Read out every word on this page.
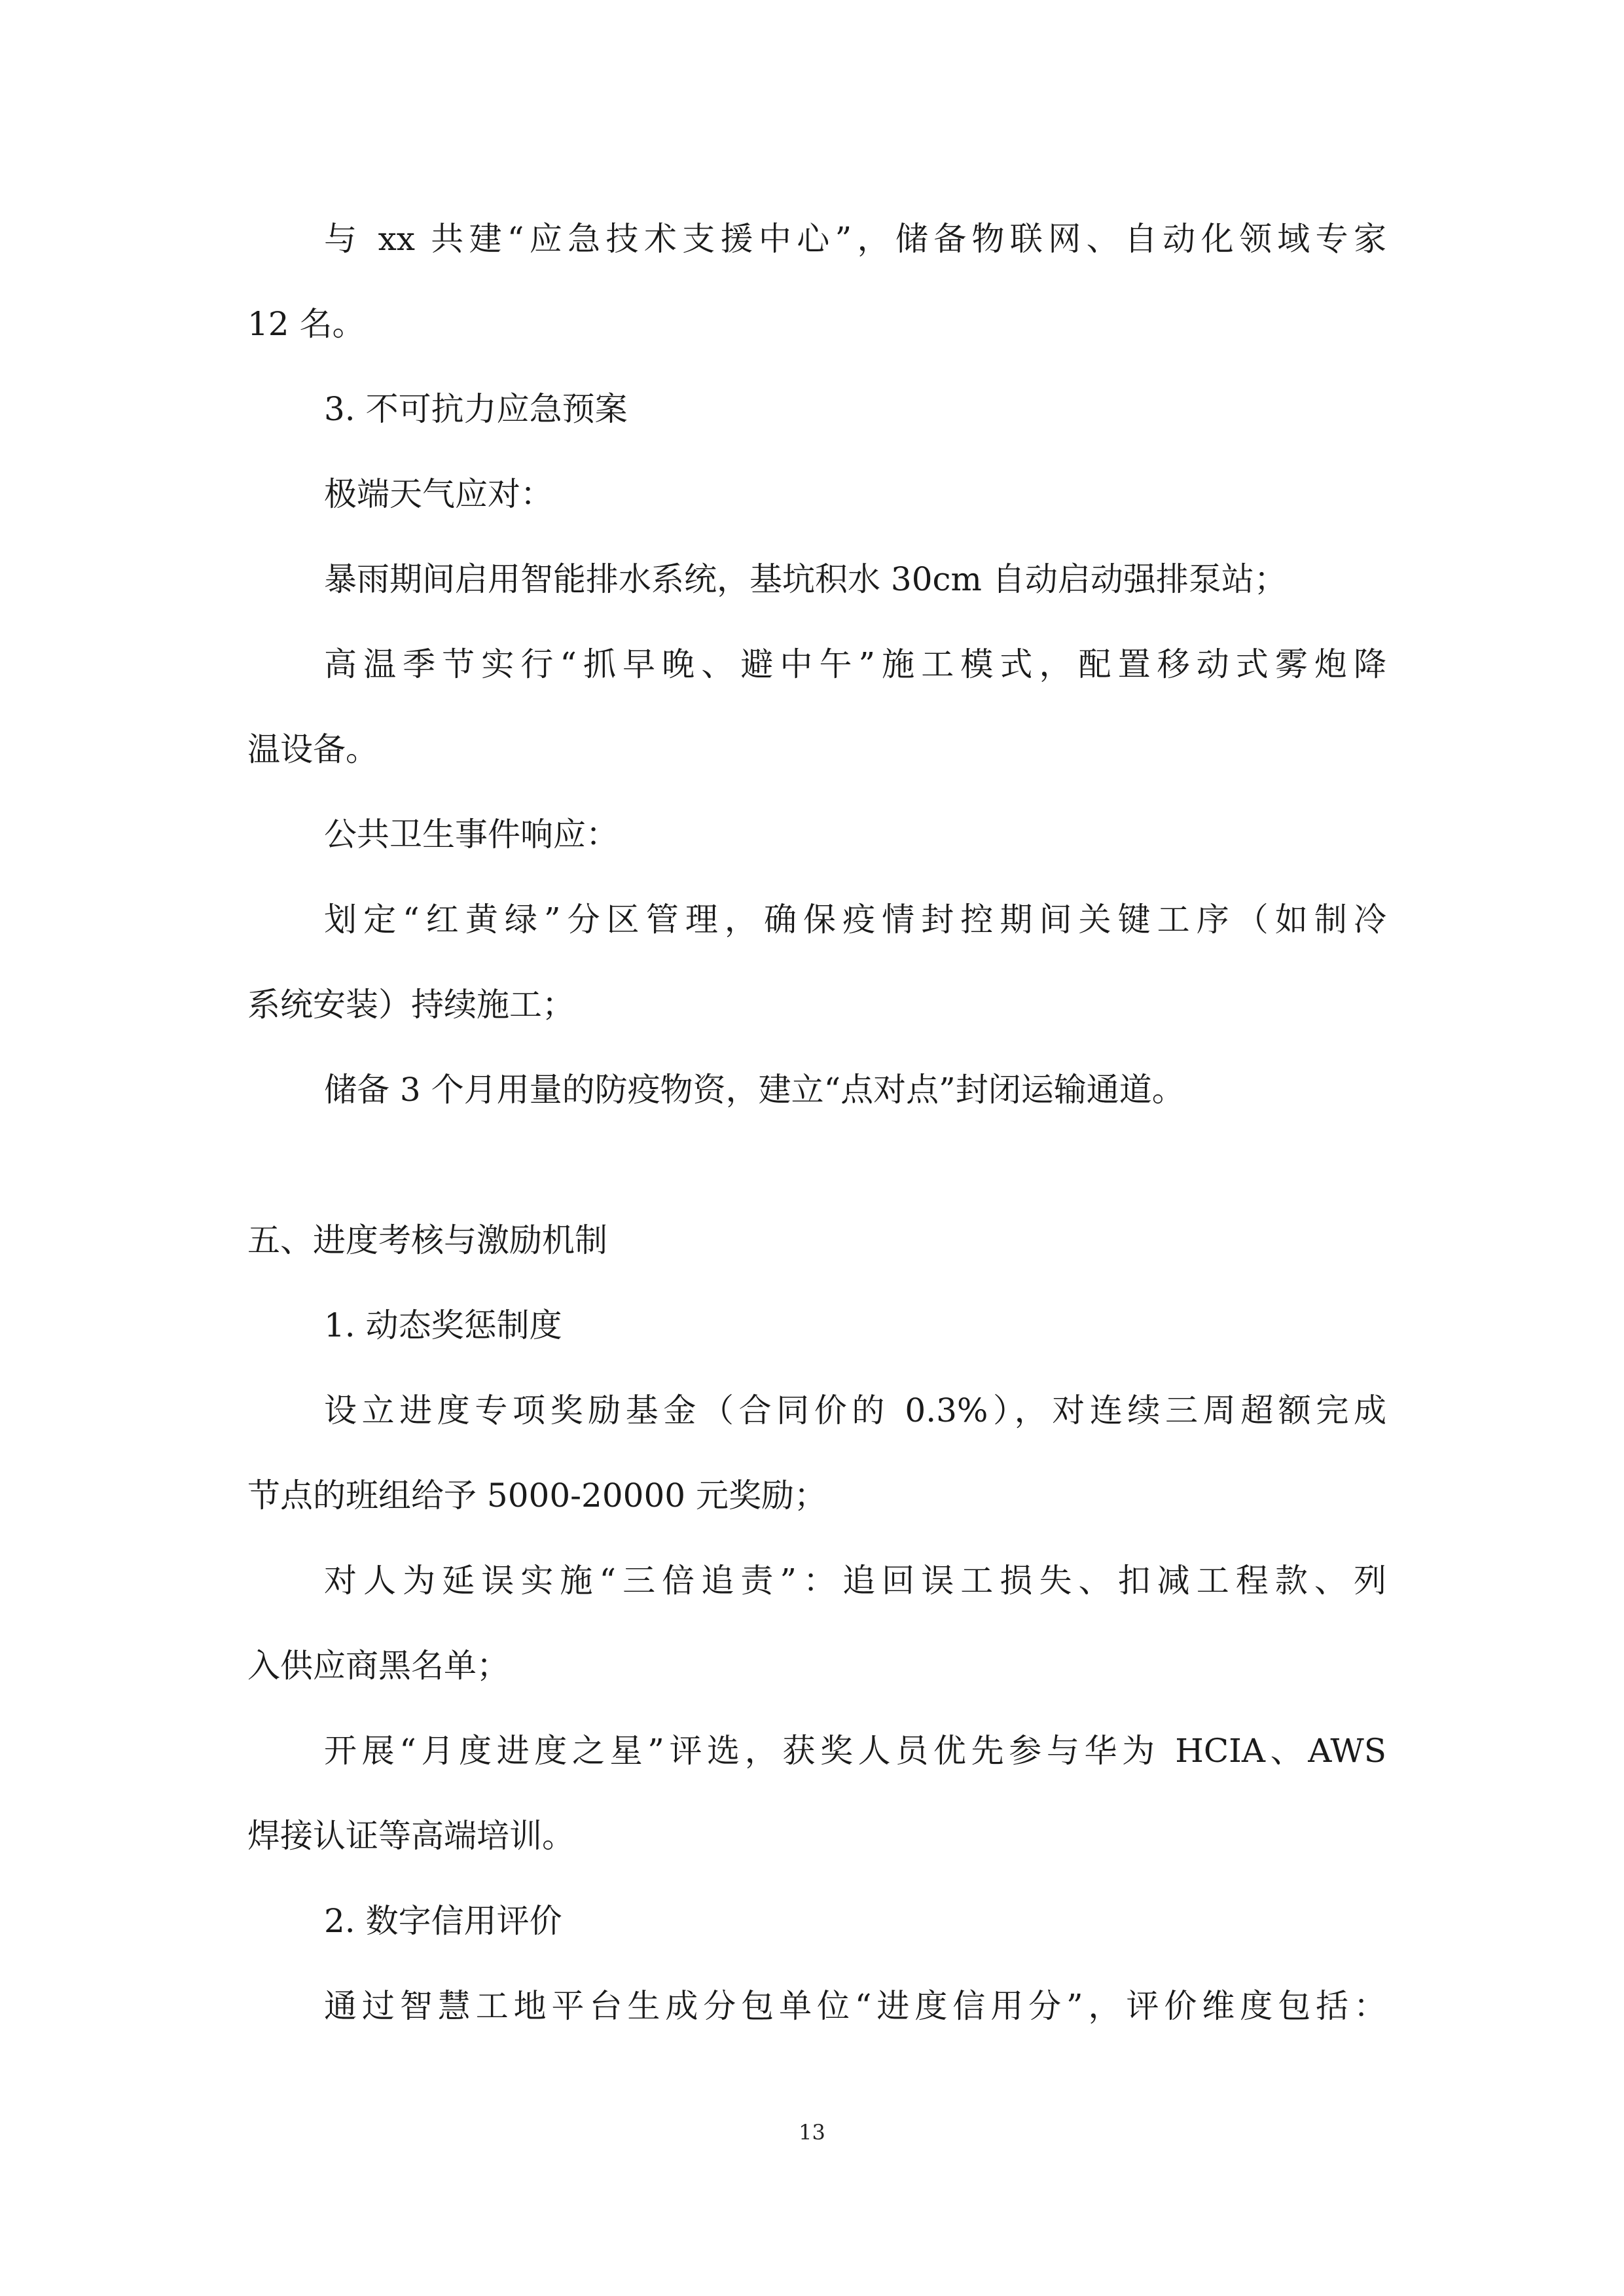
与 xx 共建“应急技术支援中心”，储备物联网、自动化领域专家

12 名。

3. 不可抗力应急预案

极端天气应对：

暴雨期间启用智能排水系统，基坑积水 30cm 自动启动强排泵站；

高温季节实行“抓早晚、避中午”施工模式，配置移动式雾炮降

温设备。

公共卫生事件响应：

划定“红黄绿”分区管理，确保疫情封控期间关键工序（如制冷

系统安装）持续施工；

储备 3 个月用量的防疫物资，建立“点对点”封闭运输通道。

五、进度考核与激励机制

1. 动态奖惩制度

设立进度专项奖励基金（合同价的 0.3%），对连续三周超额完成

节点的班组给予 5000-20000 元奖励；

对人为延误实施“三倍追责”：追回误工损失、扣减工程款、列

入供应商黑名单；

开展“月度进度之星”评选，获奖人员优先参与华为 HCIA、AWS

焊接认证等高端培训。

2. 数字信用评价

通过智慧工地平台生成分包单位“进度信用分”，评价维度包括：

13
